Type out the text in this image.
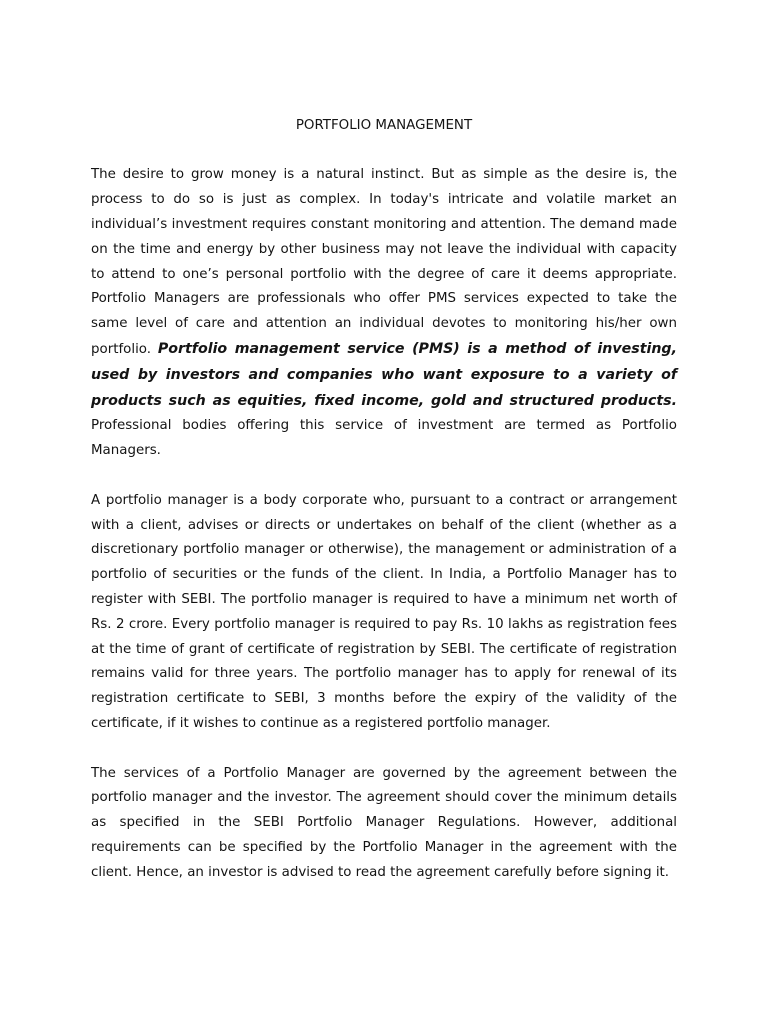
PORTFOLIO MANAGEMENT

The desire to grow money is a natural instinct. But as simple as the desire is, the process to do so is just as complex. In today's intricate and volatile market an individual’s investment requires constant monitoring and attention. The demand made on the time and energy by other business may not leave the individual with capacity to attend to one’s personal portfolio with the degree of care it deems appropriate. Portfolio Managers are professionals who offer PMS services expected to take the same level of care and attention an individual devotes to monitoring his/her own portfolio. Portfolio management service (PMS) is a method of investing, used by investors and companies who want exposure to a variety of products such as equities, fixed income, gold and structured products. Professional bodies offering this service of investment are termed as Portfolio Managers.

A portfolio manager is a body corporate who, pursuant to a contract or arrangement with a client, advises or directs or undertakes on behalf of the client (whether as a discretionary portfolio manager or otherwise), the management or administration of a portfolio of securities or the funds of the client. In India, a Portfolio Manager has to register with SEBI. The portfolio manager is required to have a minimum net worth of Rs. 2 crore. Every portfolio manager is required to pay Rs. 10 lakhs as registration fees at the time of grant of certificate of registration by SEBI. The certificate of registration remains valid for three years. The portfolio manager has to apply for renewal of its registration certificate to SEBI, 3 months before the expiry of the validity of the certificate, if it wishes to continue as a registered portfolio manager.

The services of a Portfolio Manager are governed by the agreement between the portfolio manager and the investor. The agreement should cover the minimum details as specified in the SEBI Portfolio Manager Regulations. However, additional requirements can be specified by the Portfolio Manager in the agreement with the client. Hence, an investor is advised to read the agreement carefully before signing it.
